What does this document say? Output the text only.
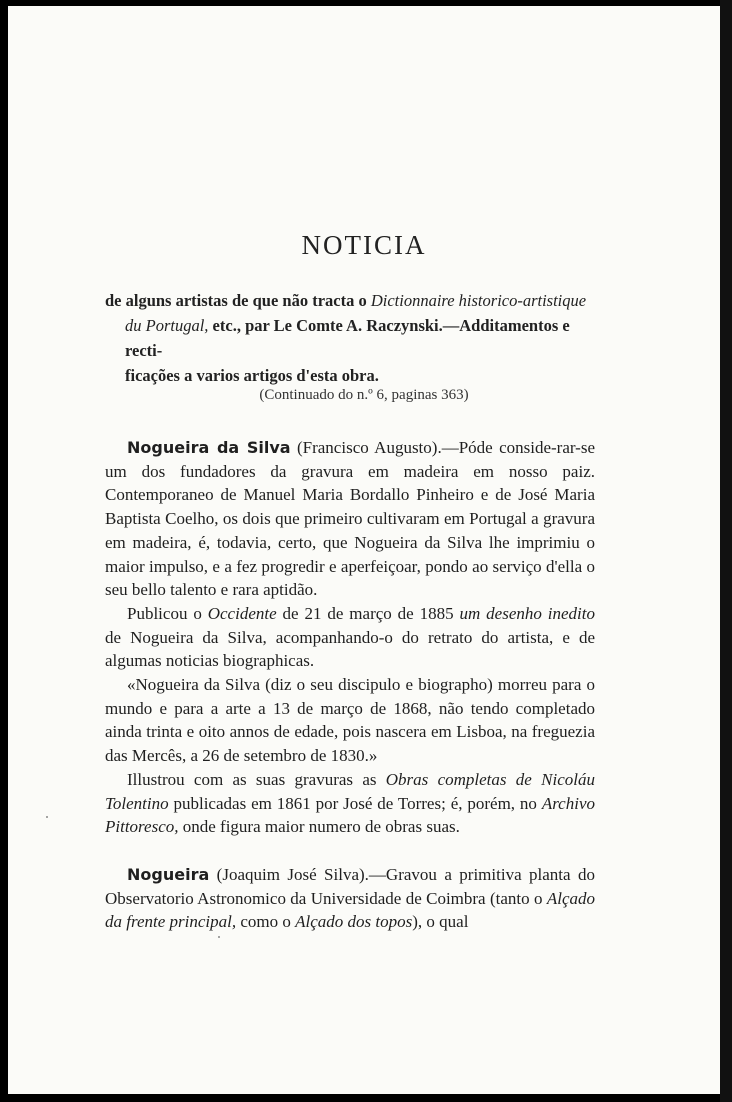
NOTICIA
de alguns artistas de que não tracta o Dictionnaire historico-artistique
du Portugal, etc., par Le Comte A. Raczynski.—Additamentos e recti-
ficações a varios artigos d'esta obra.
(Continuado do n.º 6, paginas 363)

Nogueira da Silva (Francisco Augusto).—Póde conside-rar-se um dos fundadores da gravura em madeira em nosso paiz. Contemporaneo de Manuel Maria Bordallo Pinheiro e de José Maria Baptista Coelho, os dois que primeiro cultivaram em Portugal a gravura em madeira, é, todavia, certo, que Nogueira da Silva lhe imprimiu o maior impulso, e a fez progredir e aperfeiçoar, pondo ao serviço d'ella o seu bello talento e rara aptidão.

Publicou o Occidente de 21 de março de 1885 um desenho inedito de Nogueira da Silva, acompanhando-o do retrato do artista, e de algumas noticias biographicas.

«Nogueira da Silva (diz o seu discipulo e biographo) morreu para o mundo e para a arte a 13 de março de 1868, não tendo completado ainda trinta e oito annos de edade, pois nascera em Lisboa, na freguezia das Mercês, a 26 de setembro de 1830.»

Illustrou com as suas gravuras as Obras completas de Nicoláu Tolentino publicadas em 1861 por José de Torres; é, porém, no Archivo Pittoresco, onde figura maior numero de obras suas.

Nogueira (Joaquim José Silva).—Gravou a primitiva planta do Observatorio Astronomico da Universidade de Coimbra (tanto o Alçado da frente principal, como o Alçado dos topos), o qual
